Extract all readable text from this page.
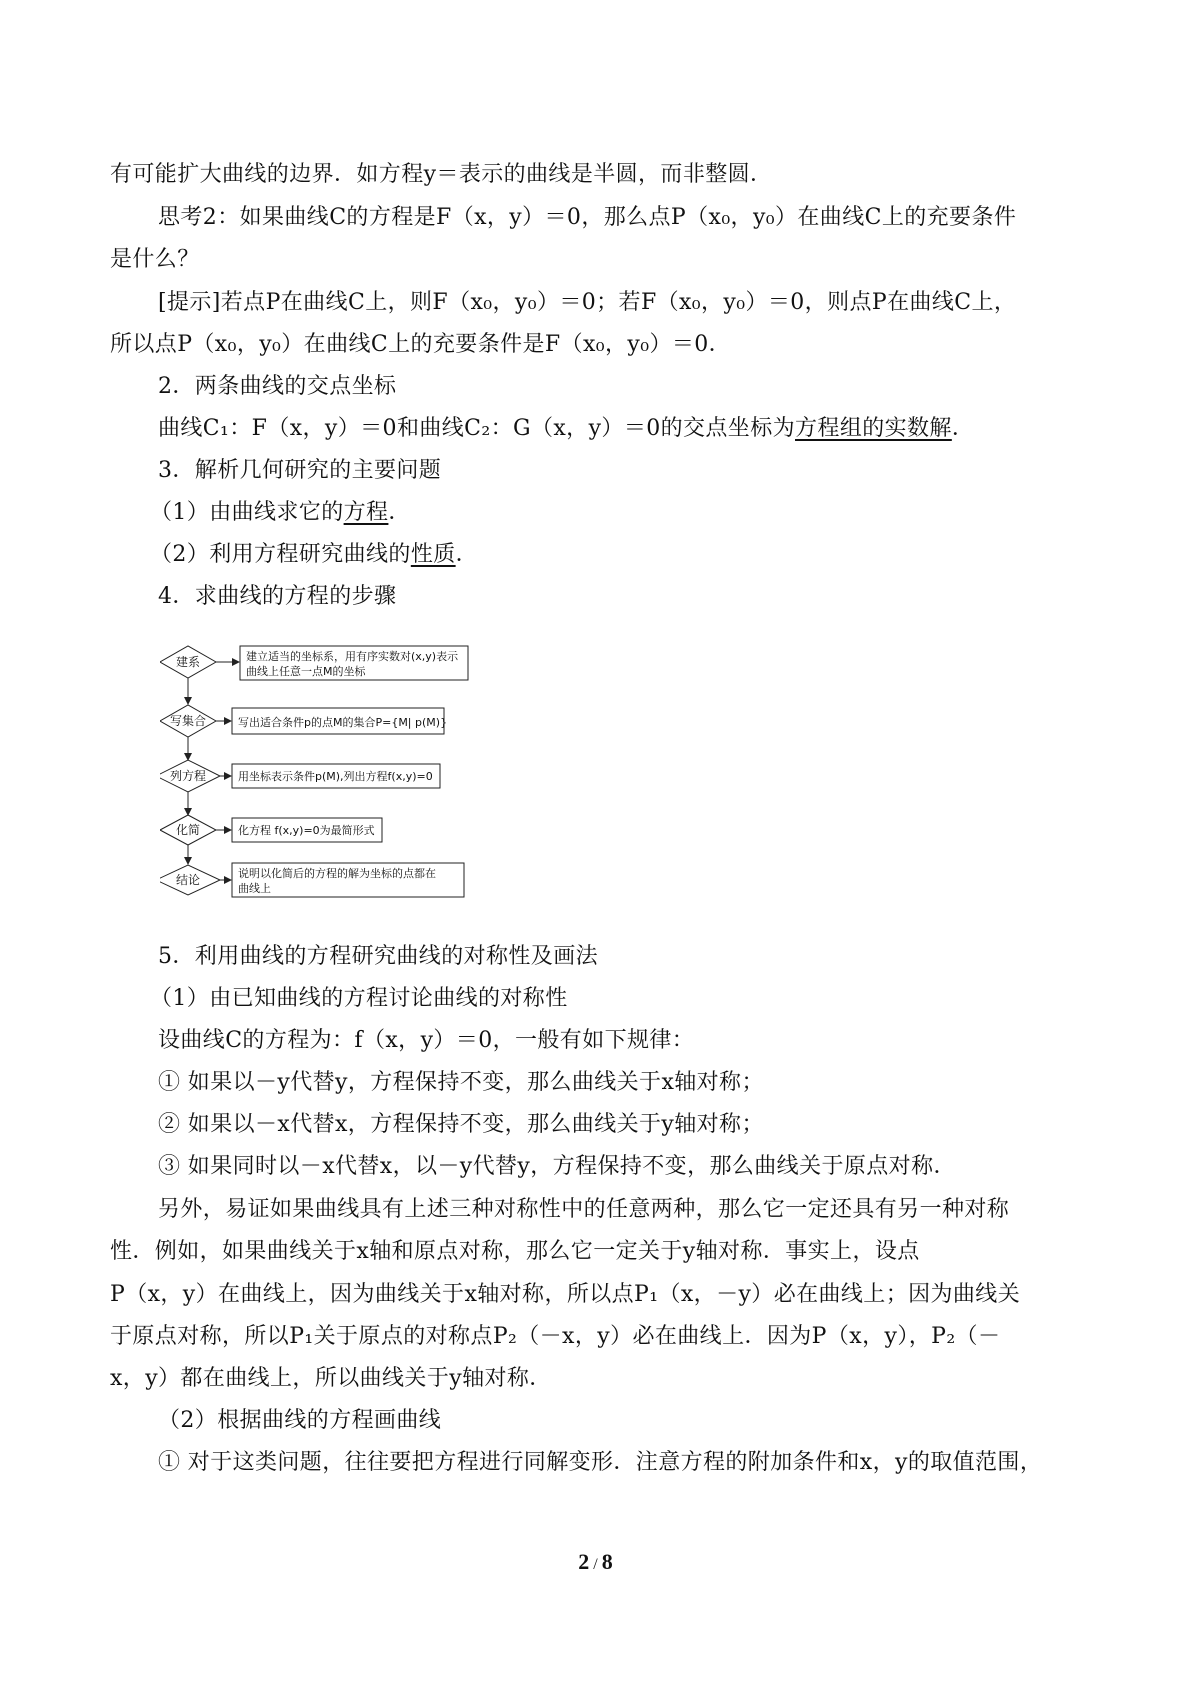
有可能扩大曲线的边界．如方程y＝表示的曲线是半圆，而非整圆．
思考2：如果曲线C的方程是F（x，y）＝0，那么点P（x₀，y₀）在曲线C上的充要条件
是什么？
[提示]若点P在曲线C上，则F（x₀，y₀）＝0；若F（x₀，y₀）＝0，则点P在曲线C上，
所以点P（x₀，y₀）在曲线C上的充要条件是F（x₀，y₀）＝0．
2．两条曲线的交点坐标
曲线C₁：F（x，y）＝0和曲线C₂：G（x，y）＝0的交点坐标为方程组的实数解．
3．解析几何研究的主要问题
（1）由曲线求它的方程．
（2）利用方程研究曲线的性质．
4．求曲线的方程的步骤
建系	建立适当的坐标系，用有序实数对(x,y)表示
曲线上任意一点M的坐标
写集合	写出适合条件p的点M的集合P={M| p(M)}
列方程	用坐标表示条件p(M),列出方程f(x,y)=0
化简	化方程 f(x,y)=0为最简形式
结论	说明以化简后的方程的解为坐标的点都在
曲线上
5．利用曲线的方程研究曲线的对称性及画法
（1）由已知曲线的方程讨论曲线的对称性
设曲线C的方程为：f（x，y）＝0，一般有如下规律：
① 如果以－y代替y，方程保持不变，那么曲线关于x轴对称；
② 如果以－x代替x，方程保持不变，那么曲线关于y轴对称；
③ 如果同时以－x代替x，以－y代替y，方程保持不变，那么曲线关于原点对称．
另外，易证如果曲线具有上述三种对称性中的任意两种，那么它一定还具有另一种对称
性．例如，如果曲线关于x轴和原点对称，那么它一定关于y轴对称．事实上，设点
P（x，y）在曲线上，因为曲线关于x轴对称，所以点P₁（x，－y）必在曲线上；因为曲线关
于原点对称，所以P₁关于原点的对称点P₂（－x，y）必在曲线上．因为P（x，y），P₂（－
x，y）都在曲线上，所以曲线关于y轴对称．
（2）根据曲线的方程画曲线
① 对于这类问题，往往要把方程进行同解变形．注意方程的附加条件和x，y的取值范围，
2 / 8
